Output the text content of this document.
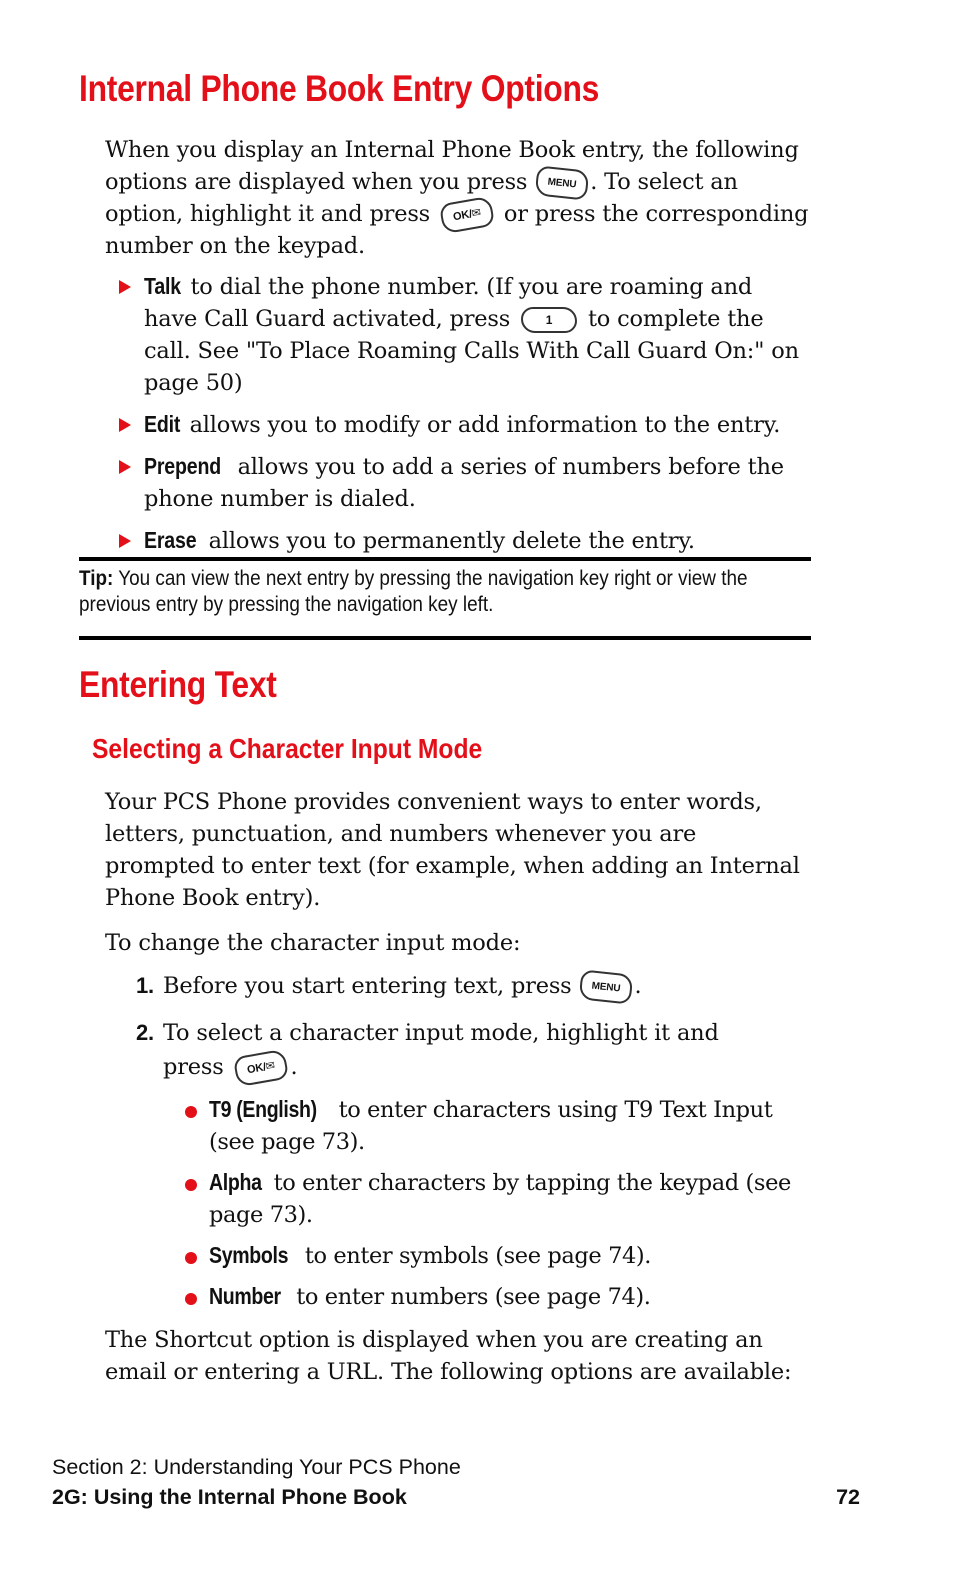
Internal Phone Book Entry Options

When you display an Internal Phone Book entry, the following options are displayed when you press MENU . To select an option, highlight it and press OK/✉ or press the corresponding number on the keypad.

Talk to dial the phone number. (If you are roaming and have Call Guard activated, press 1 to complete the call. See "To Place Roaming Calls With Call Guard On:" on page 50)
Edit allows you to modify or add information to the entry.
Prepend allows you to add a series of numbers before the phone number is dialed.
Erase allows you to permanently delete the entry.
Tip: You can view the next entry by pressing the navigation key right or view the previous entry by pressing the navigation key left.
Entering Text
Selecting a Character Input Mode

Your PCS Phone provides convenient ways to enter words, letters, punctuation, and numbers whenever you are prompted to enter text (for example, when adding an Internal Phone Book entry).

To change the character input mode:

1. Before you start entering text, press MENU .
2. To select a character input mode, highlight it and press OK/✉ .
T9 (English) to enter characters using T9 Text Input (see page 73).
Alpha to enter characters by tapping the keypad (see page 73).
Symbols to enter symbols (see page 74).
Number to enter numbers (see page 74).

The Shortcut option is displayed when you are creating an email or entering a URL. The following options are available:

Section 2: Understanding Your PCS Phone
2G: Using the Internal Phone Book	72
